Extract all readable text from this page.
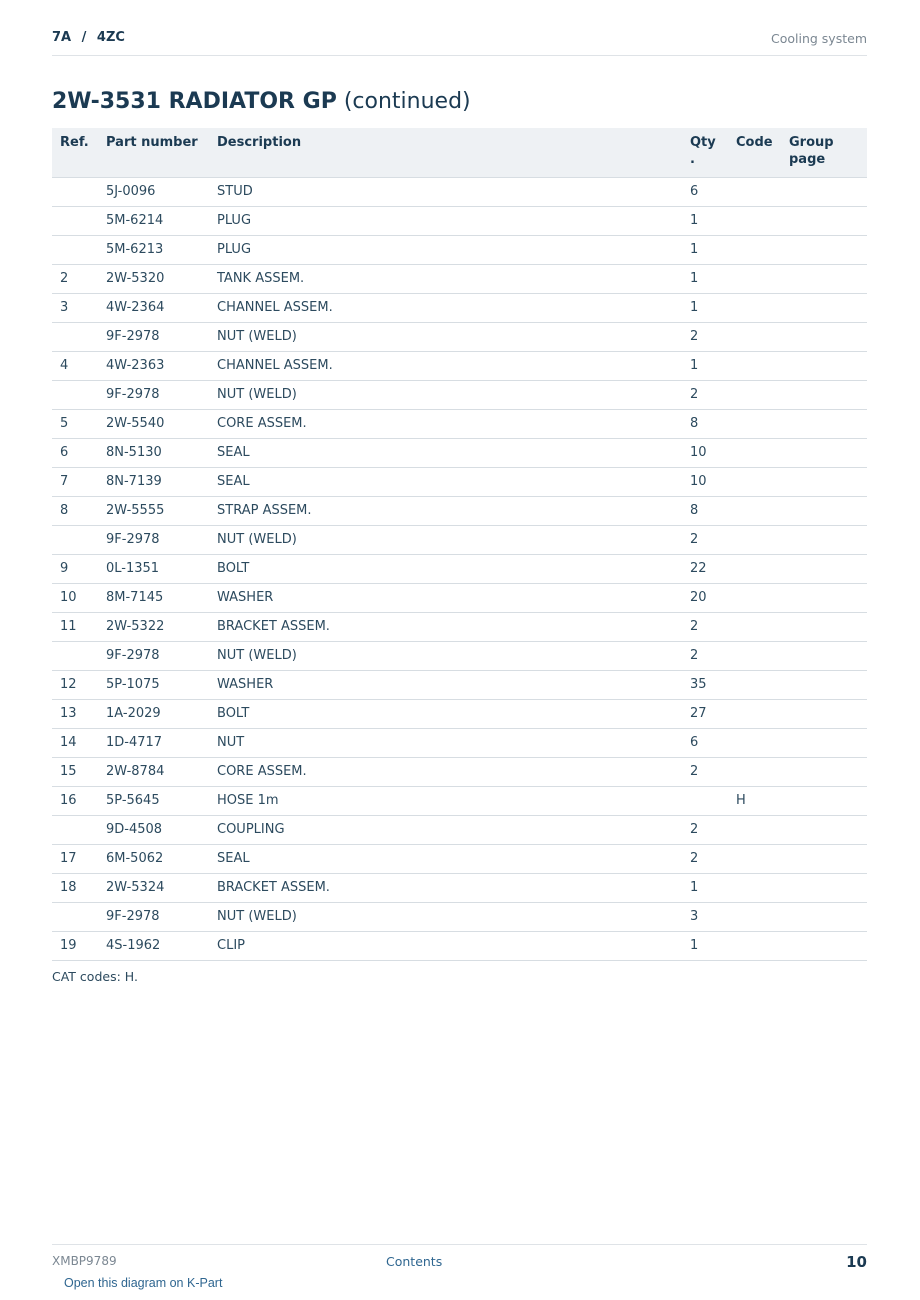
7A / 4ZC	Cooling system
2W-3531 RADIATOR GP (continued)
Ref.	Part number	Description	Qty .	Code	Group page
	5J-0096	STUD	6		
	5M-6214	PLUG	1		
	5M-6213	PLUG	1		
2	2W-5320	TANK ASSEM.	1		
3	4W-2364	CHANNEL ASSEM.	1		
	9F-2978	NUT (WELD)	2		
4	4W-2363	CHANNEL ASSEM.	1		
	9F-2978	NUT (WELD)	2		
5	2W-5540	CORE ASSEM.	8		
6	8N-5130	SEAL	10		
7	8N-7139	SEAL	10		
8	2W-5555	STRAP ASSEM.	8		
	9F-2978	NUT (WELD)	2		
9	0L-1351	BOLT	22		
10	8M-7145	WASHER	20		
11	2W-5322	BRACKET ASSEM.	2		
	9F-2978	NUT (WELD)	2		
12	5P-1075	WASHER	35		
13	1A-2029	BOLT	27		
14	1D-4717	NUT	6		
15	2W-8784	CORE ASSEM.	2		
16	5P-5645	HOSE 1m		H	
	9D-4508	COUPLING	2		
17	6M-5062	SEAL	2		
18	2W-5324	BRACKET ASSEM.	1		
	9F-2978	NUT (WELD)	3		
19	4S-1962	CLIP	1		
CAT codes: H.
XMBP9789	Contents	10
Open this diagram on K-Part
